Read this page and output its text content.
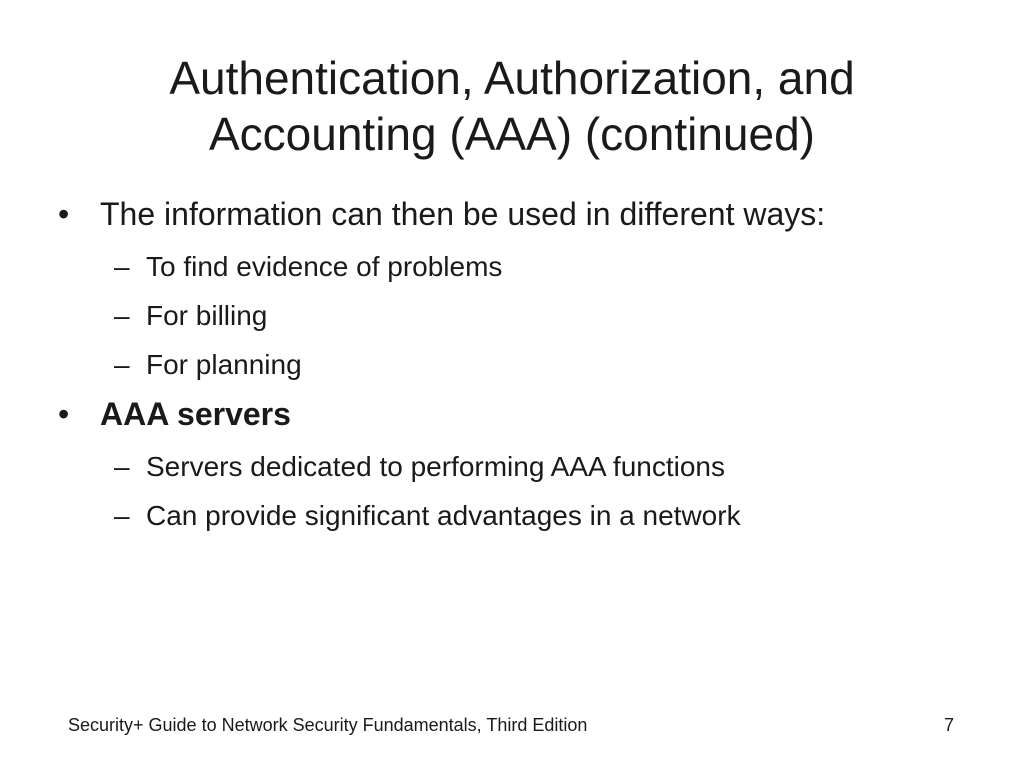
Authentication, Authorization, and
Accounting (AAA) (continued)
• The information can then be used in different ways:
– To find evidence of problems
– For billing
– For planning
• AAA servers
– Servers dedicated to performing AAA functions
– Can provide significant advantages in a network
Security+ Guide to Network Security Fundamentals, Third Edition	7
